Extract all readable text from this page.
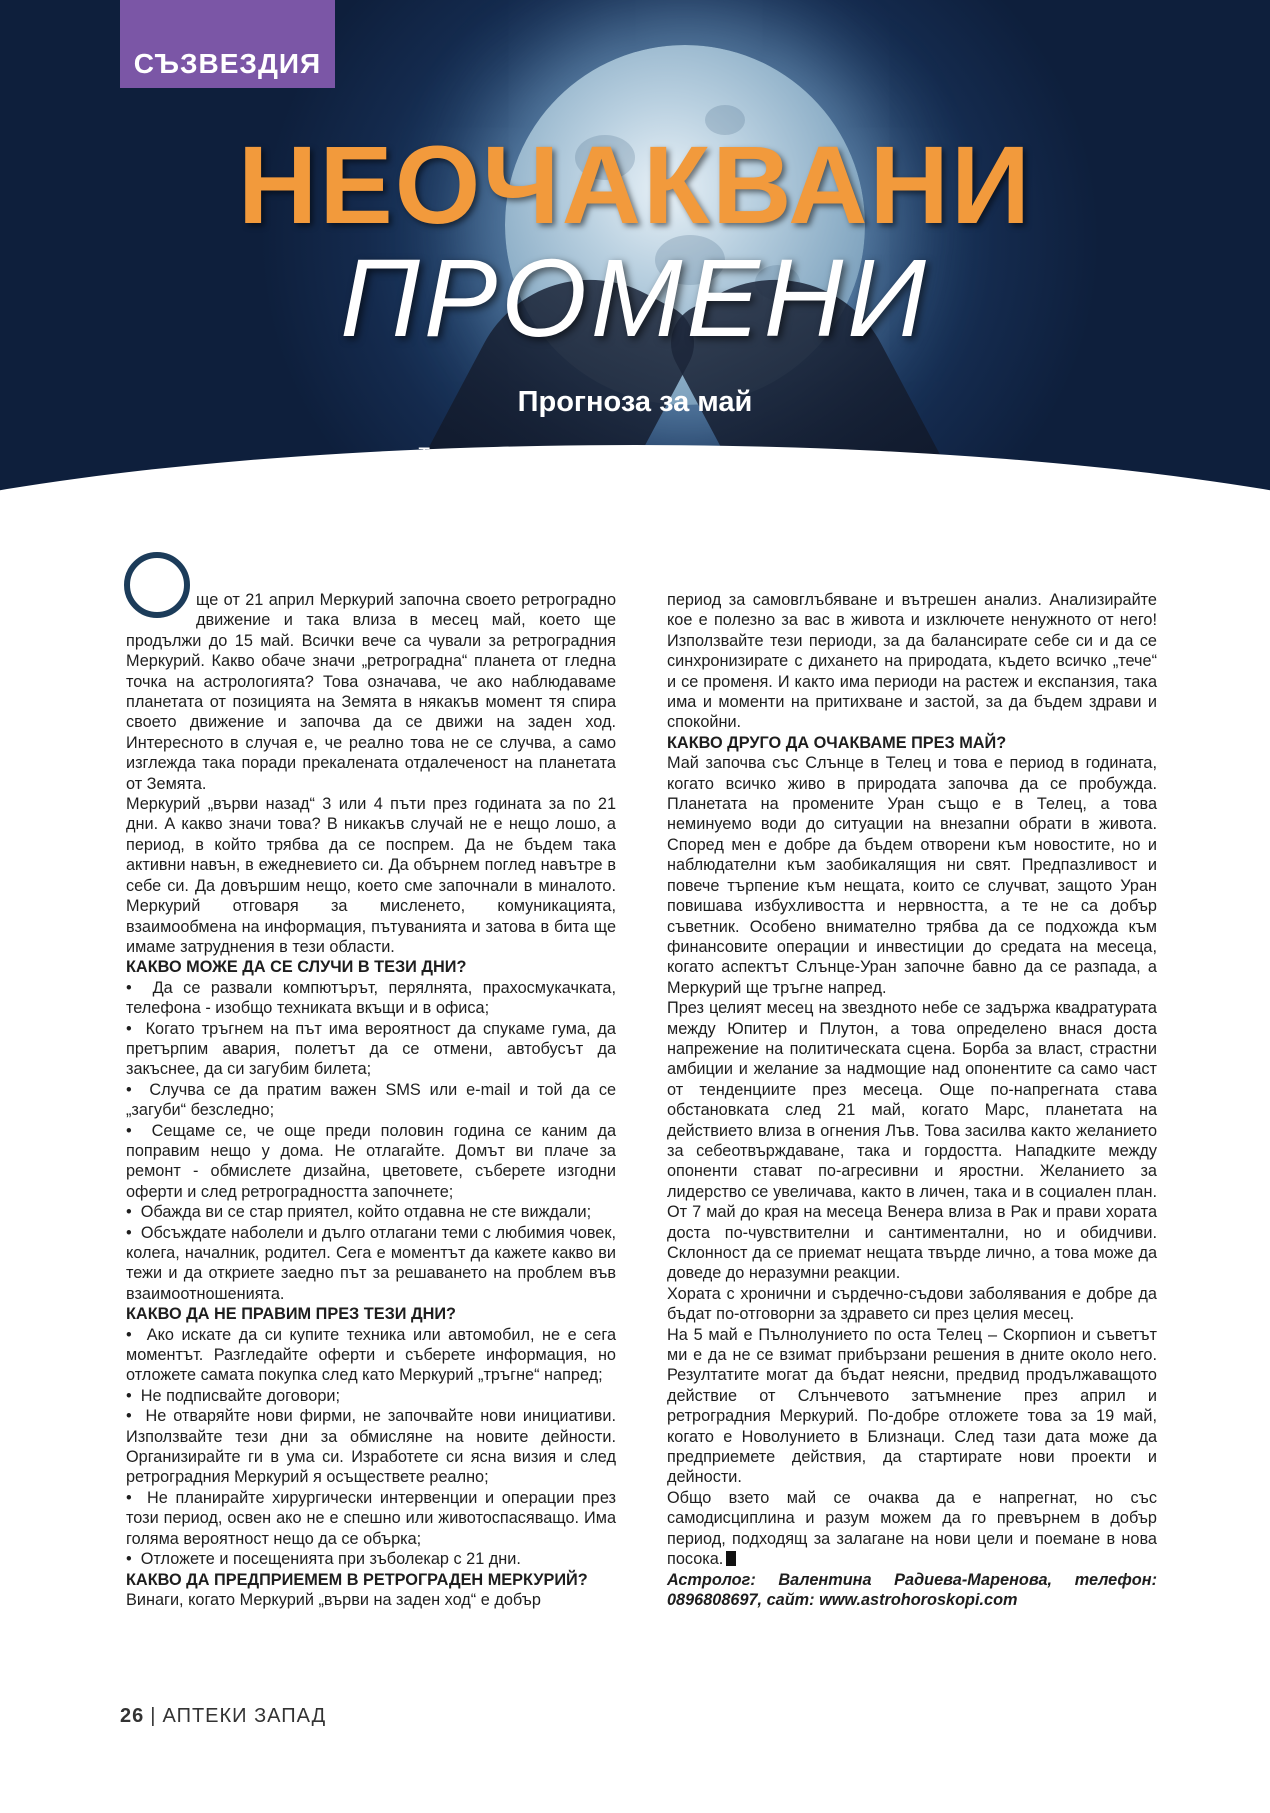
СЪЗВЕЗДИЯ
НЕОЧАКВАНИ
ПРОМЕНИ
Прогноза за май
Текст: Валентина Радиева-Маренова, астролог

ще от 21 април Меркурий започна своето ретроградно движение и така влиза в месец май, което ще продължи до 15 май. Всички вече са чували за ретроградния Меркурий. Какво обаче значи „ретроградна“ планета от гледна точка на астрологията? Това означава, че ако наблюдаваме планетата от позицията на Земята в някакъв момент тя спира своето движение и започва да се движи на заден ход. Интересното в случая е, че реално това не се случва, а само изглежда така поради прекалената отдалеченост на планетата от Земята.

Меркурий „върви назад“ 3 или 4 пъти през годината за по 21 дни. А какво значи това? В никакъв случай не е нещо лошо, а период, в който трябва да се поспрем. Да не бъдем така активни навън, в ежедневието си. Да обърнем поглед навътре в себе си. Да довършим нещо, което сме започнали в миналото. Меркурий отговаря за мисленето, комуникацията, взаимообмена на информация, пътуванията и затова в бита ще имаме затруднения в тези области.

КАКВО МОЖЕ ДА СЕ СЛУЧИ В ТЕЗИ ДНИ?
•  Да се развали компютърът, перялнята, прахосмукачката, телефона - изобщо техниката вкъщи и в офиса;
•  Когато тръгнем на път има вероятност да спукаме гума, да претърпим авария, полетът да се отмени, автобусът да закъснее, да си загубим билета;
•  Случва се да пратим важен SMS или e-mail и той да се „загуби“ безследно;
•  Сещаме се, че още преди половин година се каним да поправим нещо у дома. Не отлагайте. Домът ви плаче за ремонт - обмислете дизайна, цветовете, съберете изгодни оферти и след ретроградността започнете;
•  Обажда ви се стар приятел, който отдавна не сте виждали;
•  Обсъждате наболели и дълго отлагани теми с любимия човек, колега, началник, родител. Сега е моментът да кажете какво ви тежи и да откриете заедно път за решаването на проблем във взаимоотношенията.
КАКВО ДА НЕ ПРАВИМ ПРЕЗ ТЕЗИ ДНИ?
•  Ако искате да си купите техника или автомобил, не е сега моментът. Разгледайте оферти и съберете информация, но отложете самата покупка след като Меркурий „тръгне“ напред;
•  Не подписвайте договори;
•  Не отваряйте нови фирми, не започвайте нови инициативи. Използвайте тези дни за обмисляне на новите дейности. Организирайте ги в ума си. Изработете си ясна визия и след ретроградния Меркурий я осъществете реално;
•  Не планирайте хирургически интервенции и операции през този период, освен ако не е спешно или животоспасяващо. Има голяма вероятност нещо да се обърка;
•  Отложете и посещенията при зъболекар с 21 дни.
КАКВО ДА ПРЕДПРИЕМЕМ В РЕТРОГРАДЕН МЕРКУРИЙ?

Винаги, когато Меркурий „върви на заден ход“ е добър

период за самовглъбяване и вътрешен анализ. Анализирайте кое е полезно за вас в живота и изключете ненужното от него! Използвайте тези периоди, за да балансирате себе си и да се синхронизирате с дихането на природата, където всичко „тече“ и се променя. И както има периоди на растеж и експанзия, така има и моменти на притихване и застой, за да бъдем здрави и спокойни.

КАКВО ДРУГО ДА ОЧАКВАМЕ ПРЕЗ МАЙ?

Май започва със Слънце в Телец и това е период в годината, когато всичко живо в природата започва да се пробужда. Планетата на промените Уран също е в Телец, а това неминуемо води до ситуации на внезапни обрати в живота. Според мен е добре да бъдем отворени към новостите, но и наблюдателни към заобикалящия ни свят. Предпазливост и повече търпение към нещата, които се случват, защото Уран повишава избухливостта и нервността, а те не са добър съветник. Особено внимателно трябва да се подхожда към финансовите операции и инвестиции до средата на месеца, когато аспектът Слънце-Уран започне бавно да се разпада, а Меркурий ще тръгне напред.

През целият месец на звездното небе се задържа квадратурата между Юпитер и Плутон, а това определено внася доста напрежение на политическата сцена. Борба за власт, страстни амбиции и желание за надмощие над опонентите са само част от тенденциите през месеца. Още по-напрегната става обстановката след 21 май, когато Марс, планетата на действието влиза в огнения Лъв. Това засилва както желанието за себеотвърждаване, така и гордостта. Нападките между опоненти стават по-агресивни и яростни. Желанието за лидерство се увеличава, както в личен, така и в социален план. От 7 май до края на месеца Венера влиза в Рак и прави хората доста по-чувствителни и сантиментални, но и обидчиви. Склонност да се приемат нещата твърде лично, а това може да доведе до неразумни реакции.

Хората с хронични и сърдечно-съдови заболявания е добре да бъдат по-отговорни за здравето си през целия месец.

На 5 май е Пълнолунието по оста Телец – Скорпион и съветът ми е да не се взимат прибързани решения в дните около него. Резултатите могат да бъдат неясни, предвид продължаващото действие от Слънчевото затъмнение през април и ретроградния Меркурий. По-добре отложете това за 19 май, когато е Новолунието в Близнаци. След тази дата може да предприемете действия, да стартирате нови проекти и дейности.

Общо взето май се очаква да е напрегнат, но със самодисциплина и разум можем да го превърнем в добър период, подходящ за залагане на нови цели и поемане в нова посока.

Астролог: Валентина Радиева-Маренова, телефон: 0896808697, сайт: www.astrohoroskopi.com

26 | АПТЕКИ ЗАПАД
